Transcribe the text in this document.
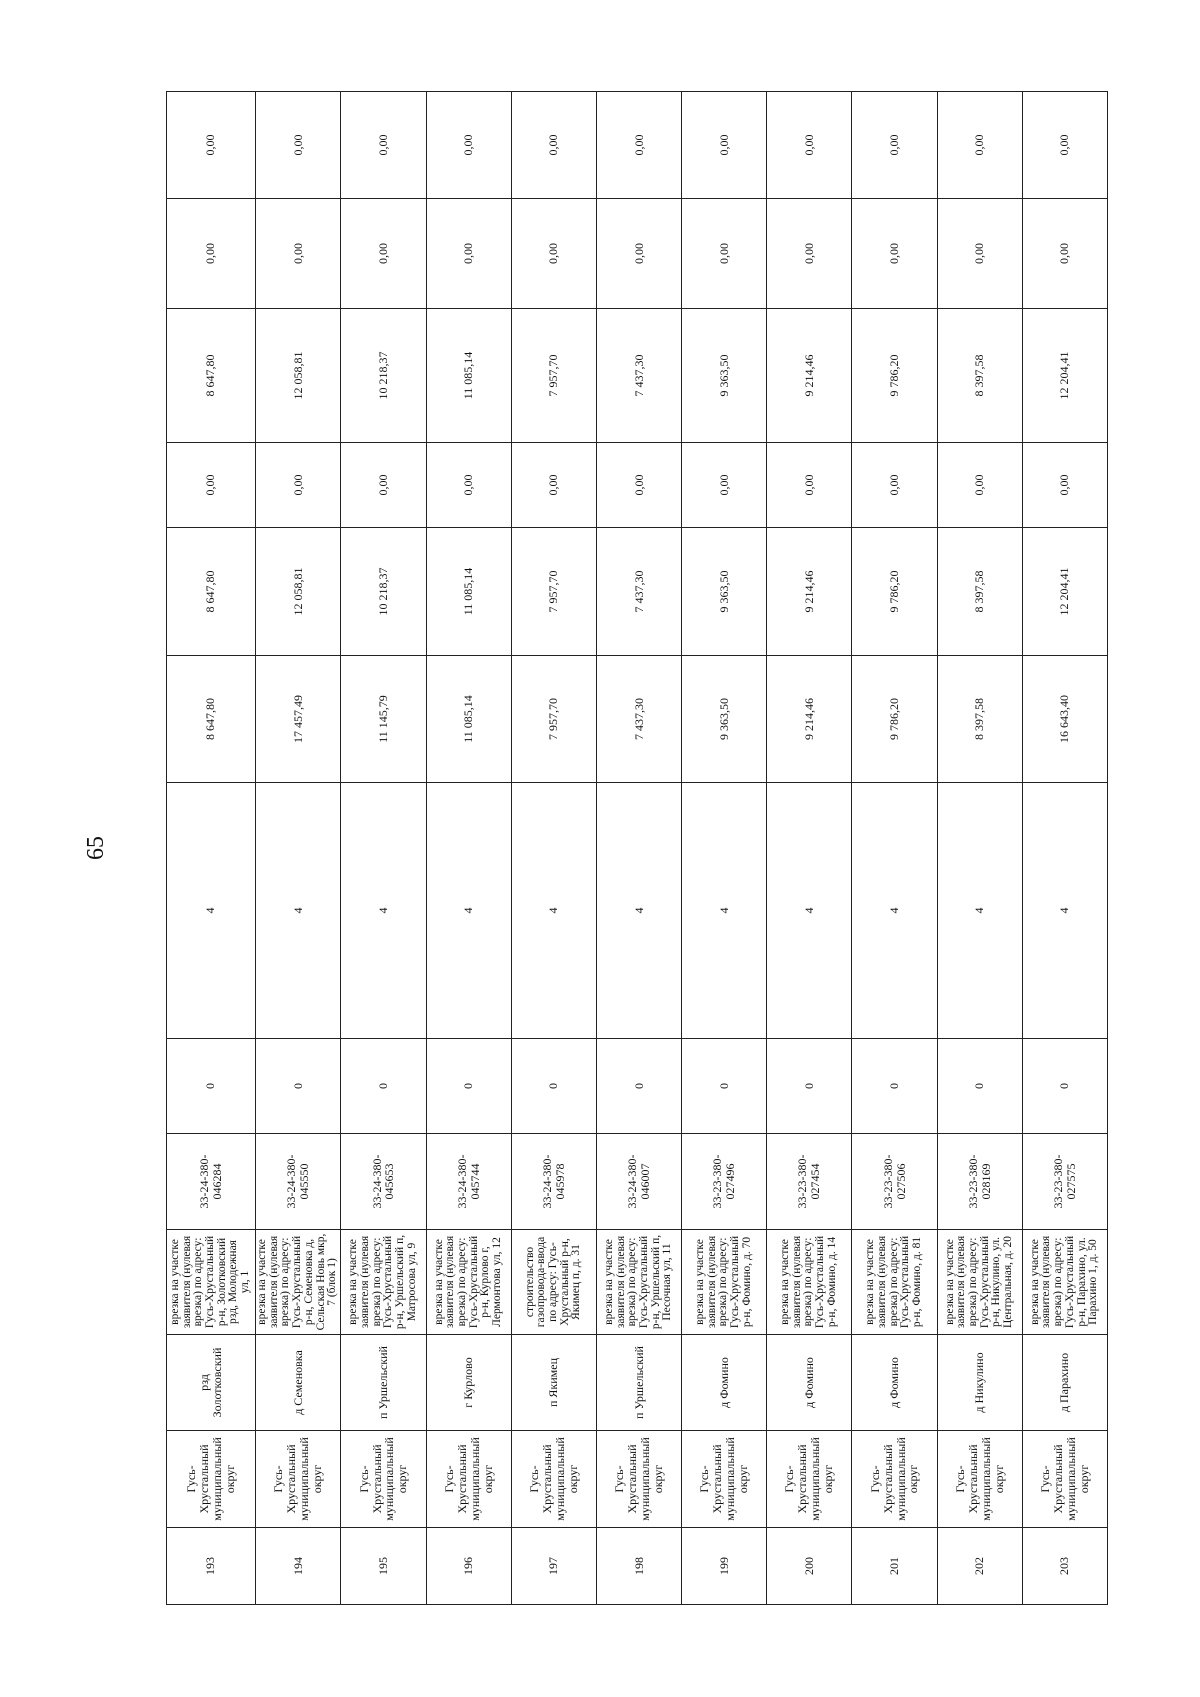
65
193	Гусь-Хрустальный муниципальный округ	рзд Золотковский	врезка на участке заявителя (нулевая врезка) по адресу: Гусь-Хрустальный р-н, Золотковский рзд, Молодежная ул, 1	33-24-380-046284	0	4	8 647,80	8 647,80	0,00	8 647,80	0,00	0,00
194	Гусь-Хрустальный муниципальный округ	д Семеновка	врезка на участке заявителя (нулевая врезка) по адресу: Гусь-Хрустальный р-н, Семеновка д, Сельская Новь мкр, 7 (блок 1)	33-24-380-045550	0	4	17 457,49	12 058,81	0,00	12 058,81	0,00	0,00
195	Гусь-Хрустальный муниципальный округ	п Уршельский	врезка на участке заявителя (нулевая врезка) по адресу: Гусь-Хрустальный р-н, Уршельский п, Матросова ул, 9	33-24-380-045653	0	4	11 145,79	10 218,37	0,00	10 218,37	0,00	0,00
196	Гусь-Хрустальный муниципальный округ	г Курлово	врезка на участке заявителя (нулевая врезка) по адресу: Гусь-Хрустальный р-н, Курлово г, Лермонтова ул, 12	33-24-380-045744	0	4	11 085,14	11 085,14	0,00	11 085,14	0,00	0,00
197	Гусь-Хрустальный муниципальный округ	п Якимец	строительство газопровода-ввода по адресу: Гусь-Хрустальный р-н, Якимец п, д. 31	33-24-380-045978	0	4	7 957,70	7 957,70	0,00	7 957,70	0,00	0,00
198	Гусь-Хрустальный муниципальный округ	п Уршельский	врезка на участке заявителя (нулевая врезка) по адресу: Гусь-Хрустальный р-н, Уршельский п, Песочная ул, 11	33-24-380-046007	0	4	7 437,30	7 437,30	0,00	7 437,30	0,00	0,00
199	Гусь-Хрустальный муниципальный округ	д Фомино	врезка на участке заявителя (нулевая врезка) по адресу: Гусь-Хрустальный р-н, Фомино, д. 70	33-23-380-027496	0	4	9 363,50	9 363,50	0,00	9 363,50	0,00	0,00
200	Гусь-Хрустальный муниципальный округ	д Фомино	врезка на участке заявителя (нулевая врезка) по адресу: Гусь-Хрустальный р-н, Фомино, д. 14	33-23-380-027454	0	4	9 214,46	9 214,46	0,00	9 214,46	0,00	0,00
201	Гусь-Хрустальный муниципальный округ	д Фомино	врезка на участке заявителя (нулевая врезка) по адресу: Гусь-Хрустальный р-н, Фомино, д. 81	33-23-380-027506	0	4	9 786,20	9 786,20	0,00	9 786,20	0,00	0,00
202	Гусь-Хрустальный муниципальный округ	д Никулино	врезка на участке заявителя (нулевая врезка) по адресу: Гусь-Хрустальный р-н, Никулино, ул. Центральная, д. 20	33-23-380-028169	0	4	8 397,58	8 397,58	0,00	8 397,58	0,00	0,00
203	Гусь-Хрустальный муниципальный округ	д Парахино	врезка на участке заявителя (нулевая врезка) по адресу: Гусь-Хрустальный р-н, Парахино, ул. Парахино 1, д. 50	33-23-380-027575	0	4	16 643,40	12 204,41	0,00	12 204,41	0,00	0,00
